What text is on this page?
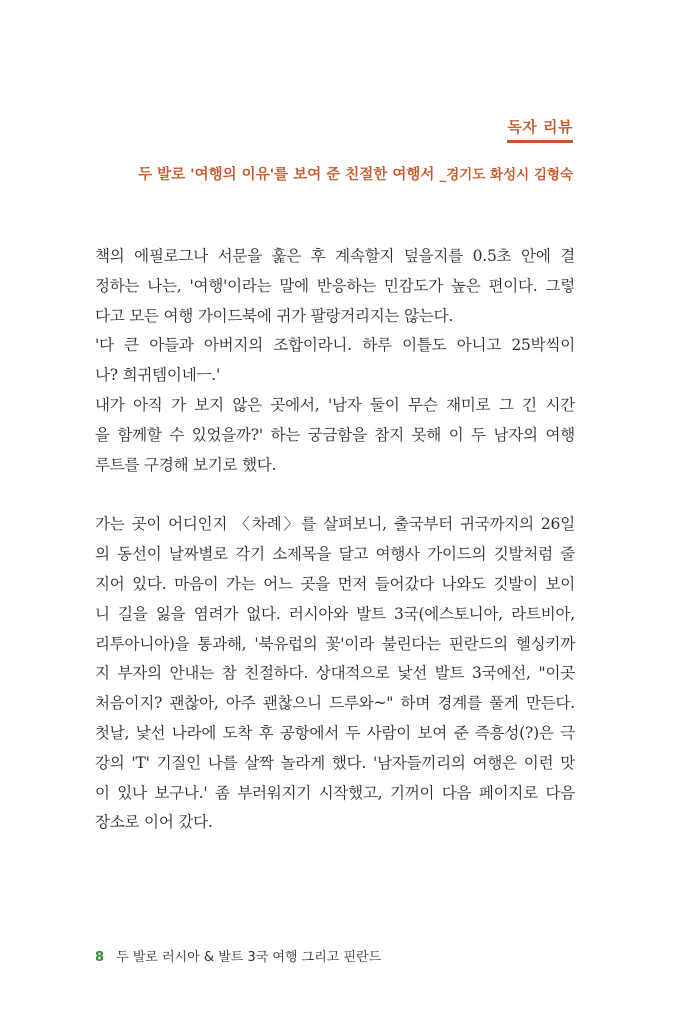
독자 리뷰
두 발로 '여행의 이유'를 보여 준 친절한 여행서 _경기도 화성시 김형숙
책의 에필로그나 서문을 훑은 후 계속할지 덮을지를 0.5초 안에 결
정하는 나는, '여행'이라는 말에 반응하는 민감도가 높은 편이다. 그렇
다고 모든 여행 가이드북에 귀가 팔랑거리지는 않는다.
'다 큰 아들과 아버지의 조합이라니. 하루 이틀도 아니고 25박씩이
나? 희귀템이네ㅡ.'
내가 아직 가 보지 않은 곳에서, '남자 둘이 무슨 재미로 그 긴 시간
을 함께할 수 있었을까?' 하는 궁금함을 참지 못해 이 두 남자의 여행
루트를 구경해 보기로 했다.
가는 곳이 어디인지 〈차례〉를 살펴보니, 출국부터 귀국까지의 26일
의 동선이 날짜별로 각기 소제목을 달고 여행사 가이드의 깃발처럼 줄
지어 있다. 마음이 가는 어느 곳을 먼저 들어갔다 나와도 깃발이 보이
니 길을 잃을 염려가 없다. 러시아와 발트 3국(에스토니아, 라트비아,
리투아니아)을 통과해, '북유럽의 꽃'이라 불린다는 핀란드의 헬싱키까
지 부자의 안내는 참 친절하다. 상대적으로 낯선 발트 3국에선, "이곳
처음이지? 괜찮아, 아주 괜찮으니 드루와~" 하며 경계를 풀게 만든다.
첫날, 낯선 나라에 도착 후 공항에서 두 사람이 보여 준 즉흥성(?)은 극
강의 'T' 기질인 나를 살짝 놀라게 했다. '남자들끼리의 여행은 이런 맛
이 있나 보구나.' 좀 부러워지기 시작했고, 기꺼이 다음 페이지로 다음
장소로 이어 갔다.
8 두 발로 러시아 & 발트 3국 여행 그리고 핀란드
